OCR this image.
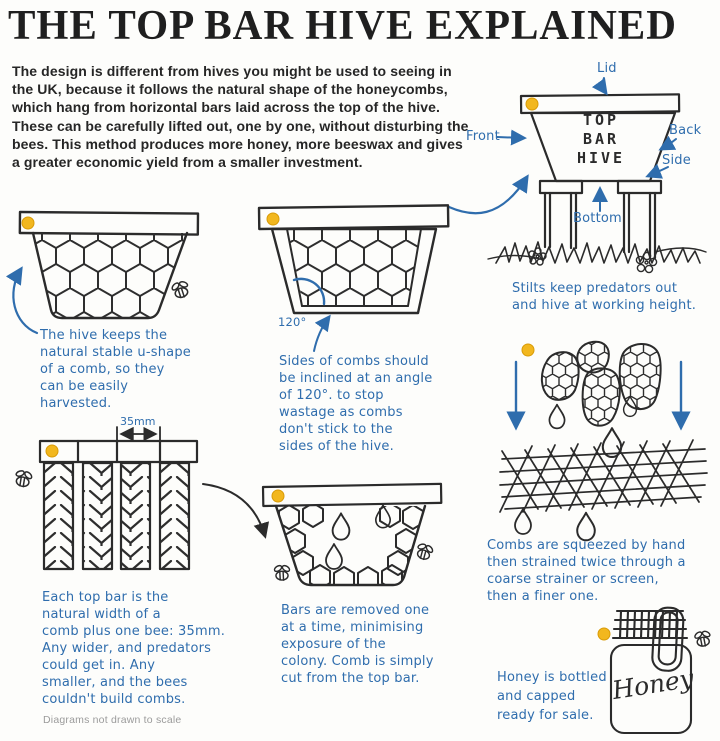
THE TOP BAR HIVE EXPLAINED
The design is different from hives you might be used to seeing in the UK, because it follows the natural shape of the honeycombs, which hang from horizontal bars laid across the top of the hive. These can be carefully lifted out, one by one, without disturbing the bees. This method produces more honey, more beeswax and gives a greater economic yield from a smaller investment.
Lid
Front	Back
Side
Bottom
TOP
BAR
HIVE
Stilts keep predators out
and hive at working height.
The hive keeps the
natural stable u-shape
of a comb, so they
can be easily
harvested.
120°
Sides of combs should
be inclined at an angle
of 120°. to stop
wastage as combs
don't stick to the
sides of the hive.
35mm
Each top bar is the
natural width of a
comb plus one bee: 35mm.
Any wider, and predators
could get in. Any
smaller, and the bees
couldn't build combs.
Bars are removed one
at a time, minimising
exposure of the
colony. Comb is simply
cut from the top bar.
Combs are squeezed by hand
then strained twice through a
coarse strainer or screen,
then a finer one.
Honey is bottled
and capped
ready for sale.
Honey
Diagrams not drawn to scale
